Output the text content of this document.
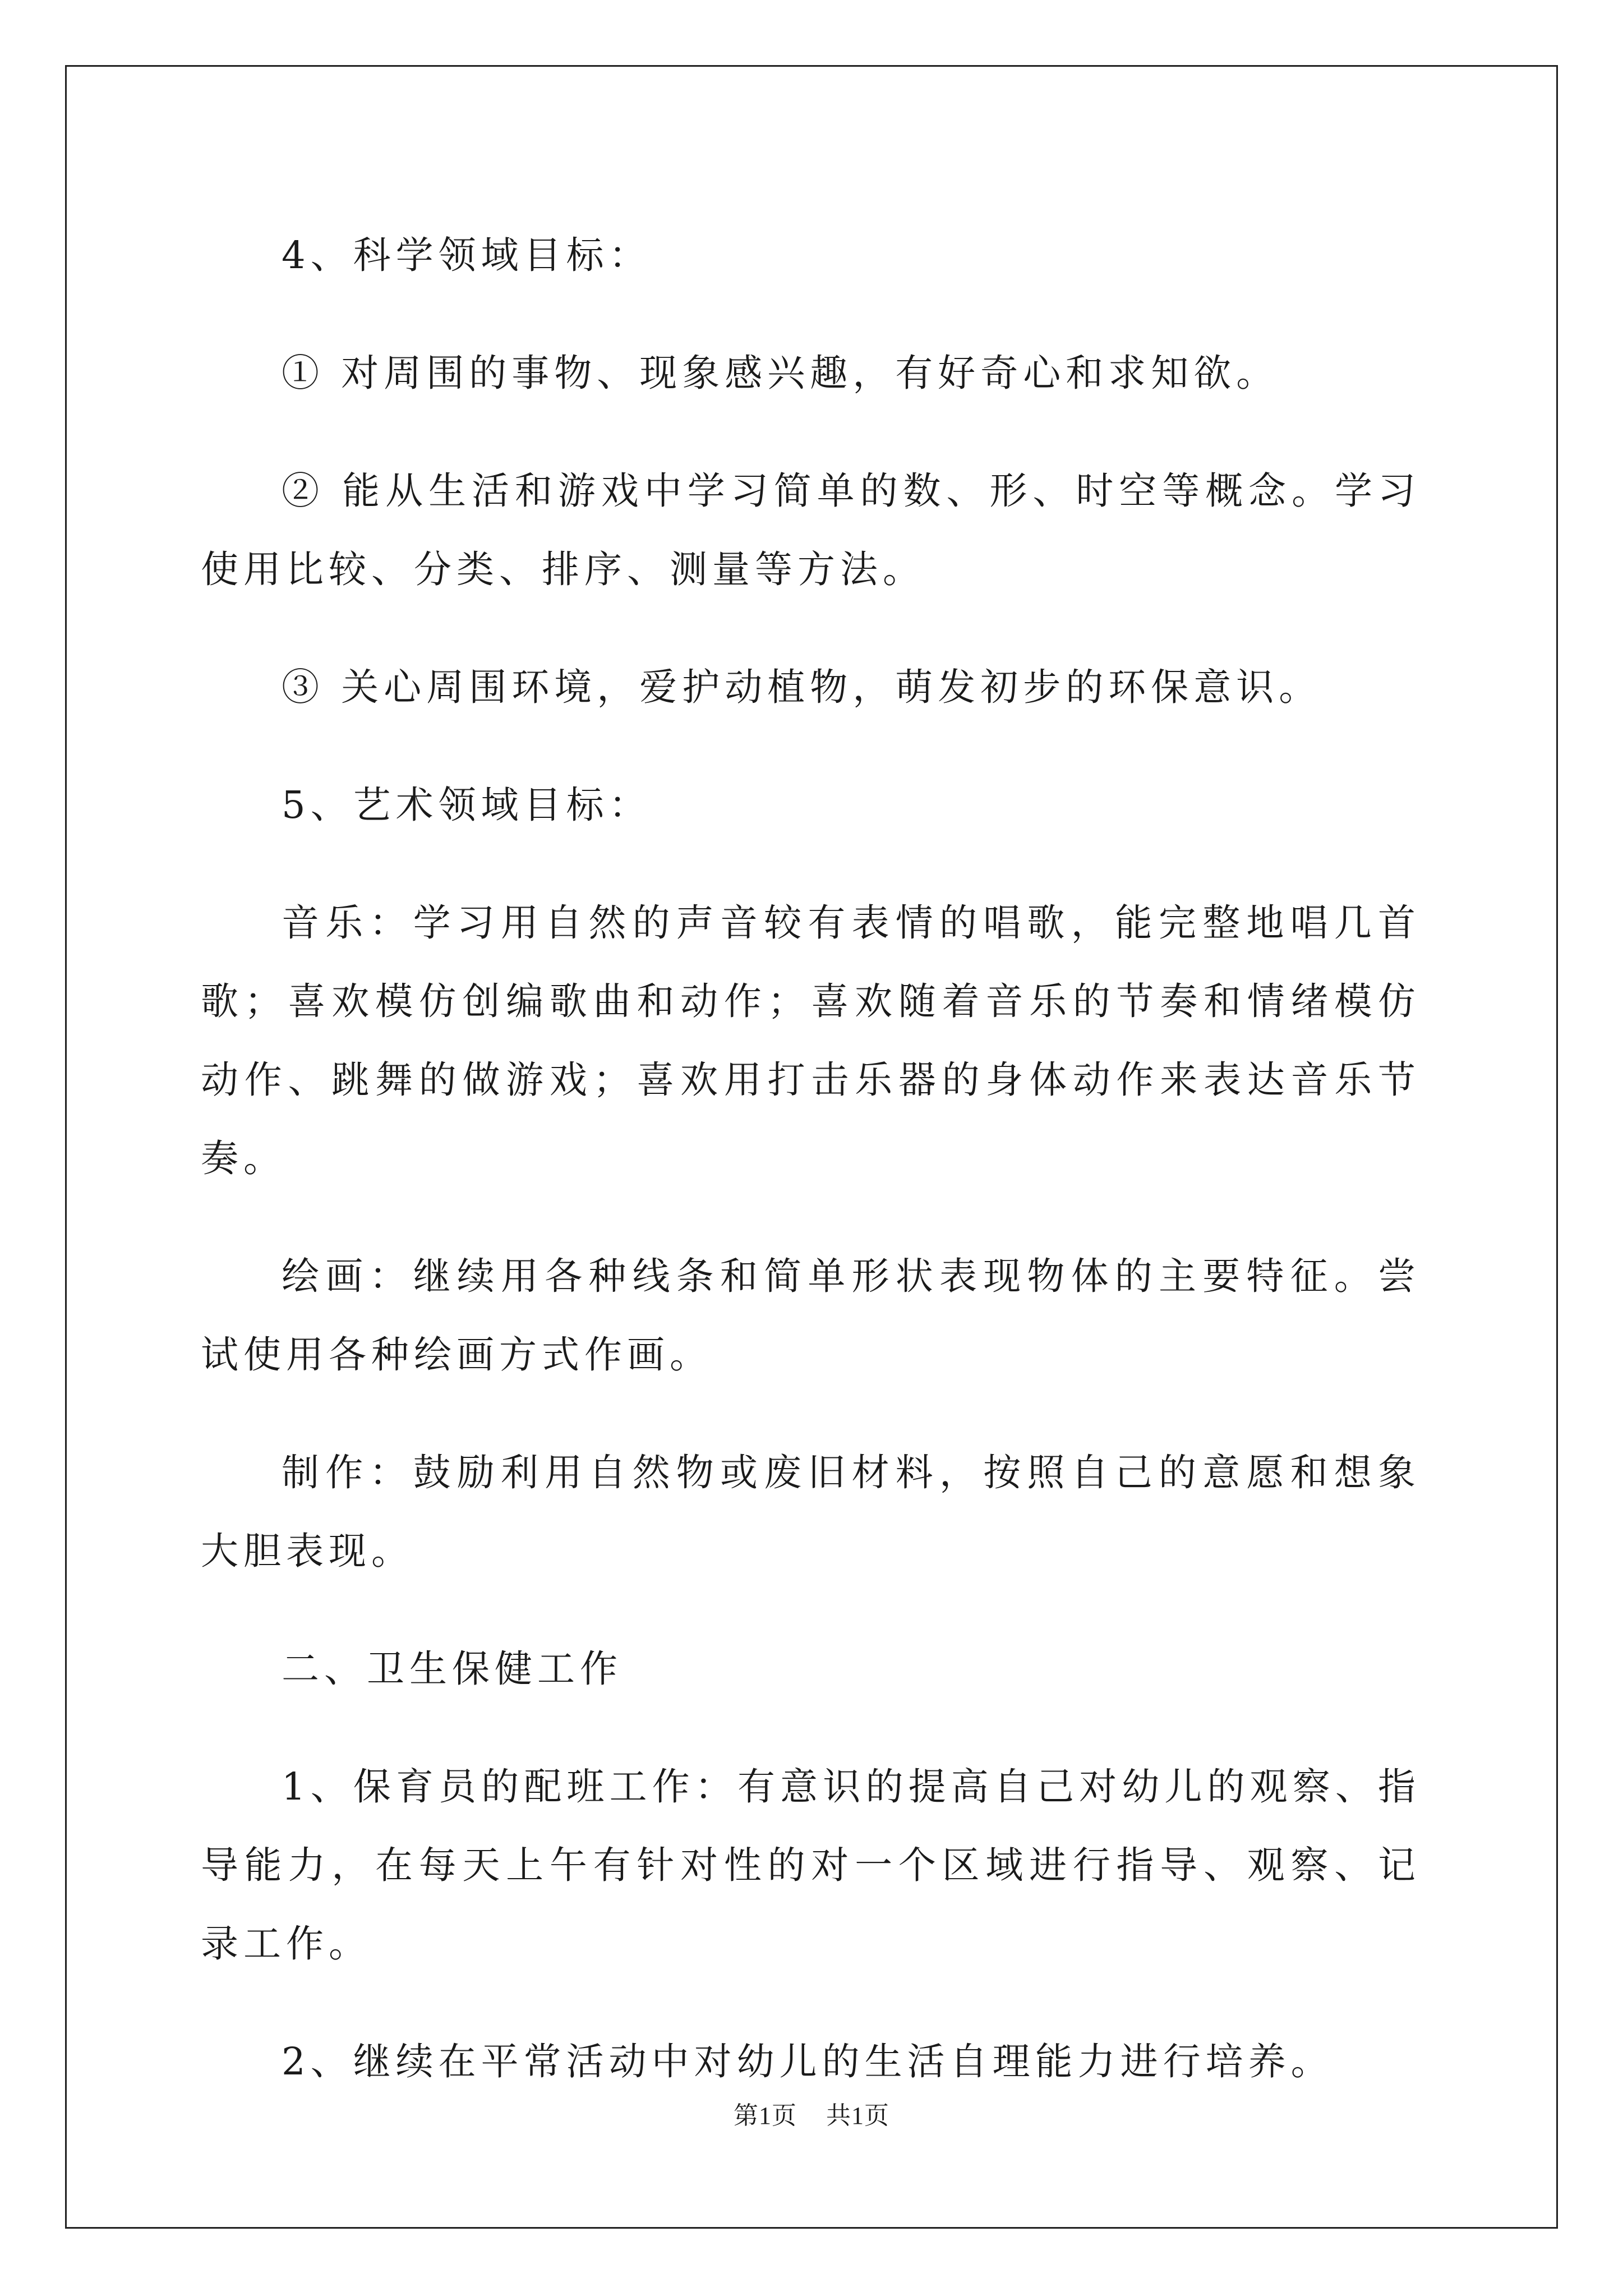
4、科学领域目标：

① 对周围的事物、现象感兴趣，有好奇心和求知欲。

② 能从生活和游戏中学习简单的数、形、时空等概念。学习使用比较、分类、排序、测量等方法。

③ 关心周围环境，爱护动植物，萌发初步的环保意识。

5、艺术领域目标：

音乐：学习用自然的声音较有表情的唱歌，能完整地唱几首歌；喜欢模仿创编歌曲和动作；喜欢随着音乐的节奏和情绪模仿动作、跳舞的做游戏；喜欢用打击乐器的身体动作来表达音乐节奏。

绘画：继续用各种线条和简单形状表现物体的主要特征。尝试使用各种绘画方式作画。

制作：鼓励利用自然物或废旧材料，按照自己的意愿和想象大胆表现。

二、卫生保健工作

1、保育员的配班工作：有意识的提高自己对幼儿的观察、指导能力，在每天上午有针对性的对一个区域进行指导、观察、记录工作。

2、继续在平常活动中对幼儿的生活自理能力进行培养。

第1页 共1页
